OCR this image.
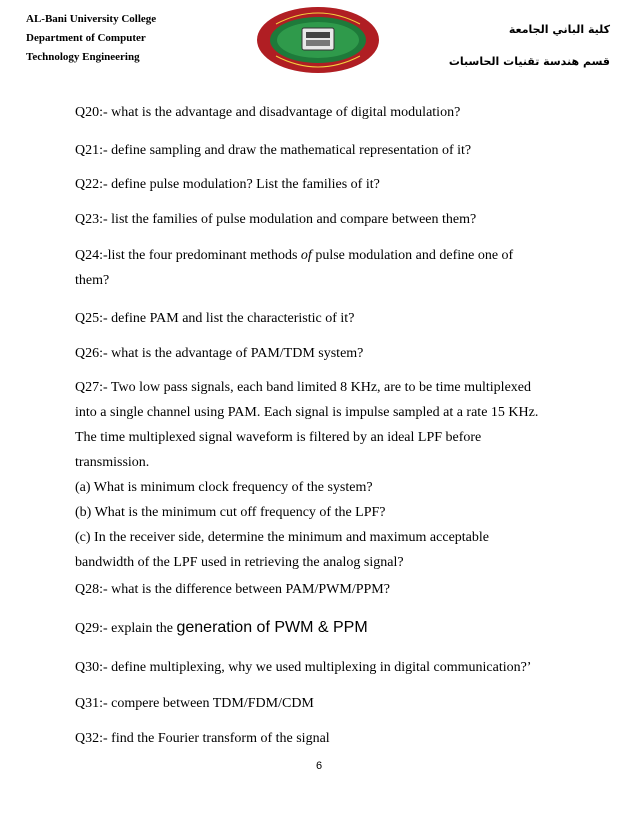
AL-Bani University College
Department of Computer
Technology Engineering
كلية الباني الجامعة
قسم هندسة تقنيات الحاسبات
Q20:- what is the advantage and disadvantage of digital modulation?
Q21:- define sampling and draw the mathematical representation of it?
Q22:- define pulse modulation? List the families of it?
Q23:- list the families of pulse modulation and compare between them?
Q24:-list the four predominant methods of pulse modulation and define one of
them?
Q25:- define PAM and list the characteristic of it?
Q26:- what is the advantage of PAM/TDM system?
Q27:- Two low pass signals, each band limited 8 KHz, are to be time multiplexed
into a single channel using PAM. Each signal is impulse sampled at a rate 15 KHz.
The time multiplexed signal waveform is filtered by an ideal LPF before
transmission.
(a) What is minimum clock frequency of the system?
(b) What is the minimum cut off frequency of the LPF?
(c) In the receiver side, determine the minimum and maximum acceptable
bandwidth of the LPF used in retrieving the analog signal?
Q28:- what is the difference between PAM/PWM/PPM?
Q29:- explain the generation of PWM & PPM
Q30:- define multiplexing, why we used multiplexing in digital communication?’
Q31:- compere between TDM/FDM/CDM
Q32:- find the Fourier transform of the signal
6
